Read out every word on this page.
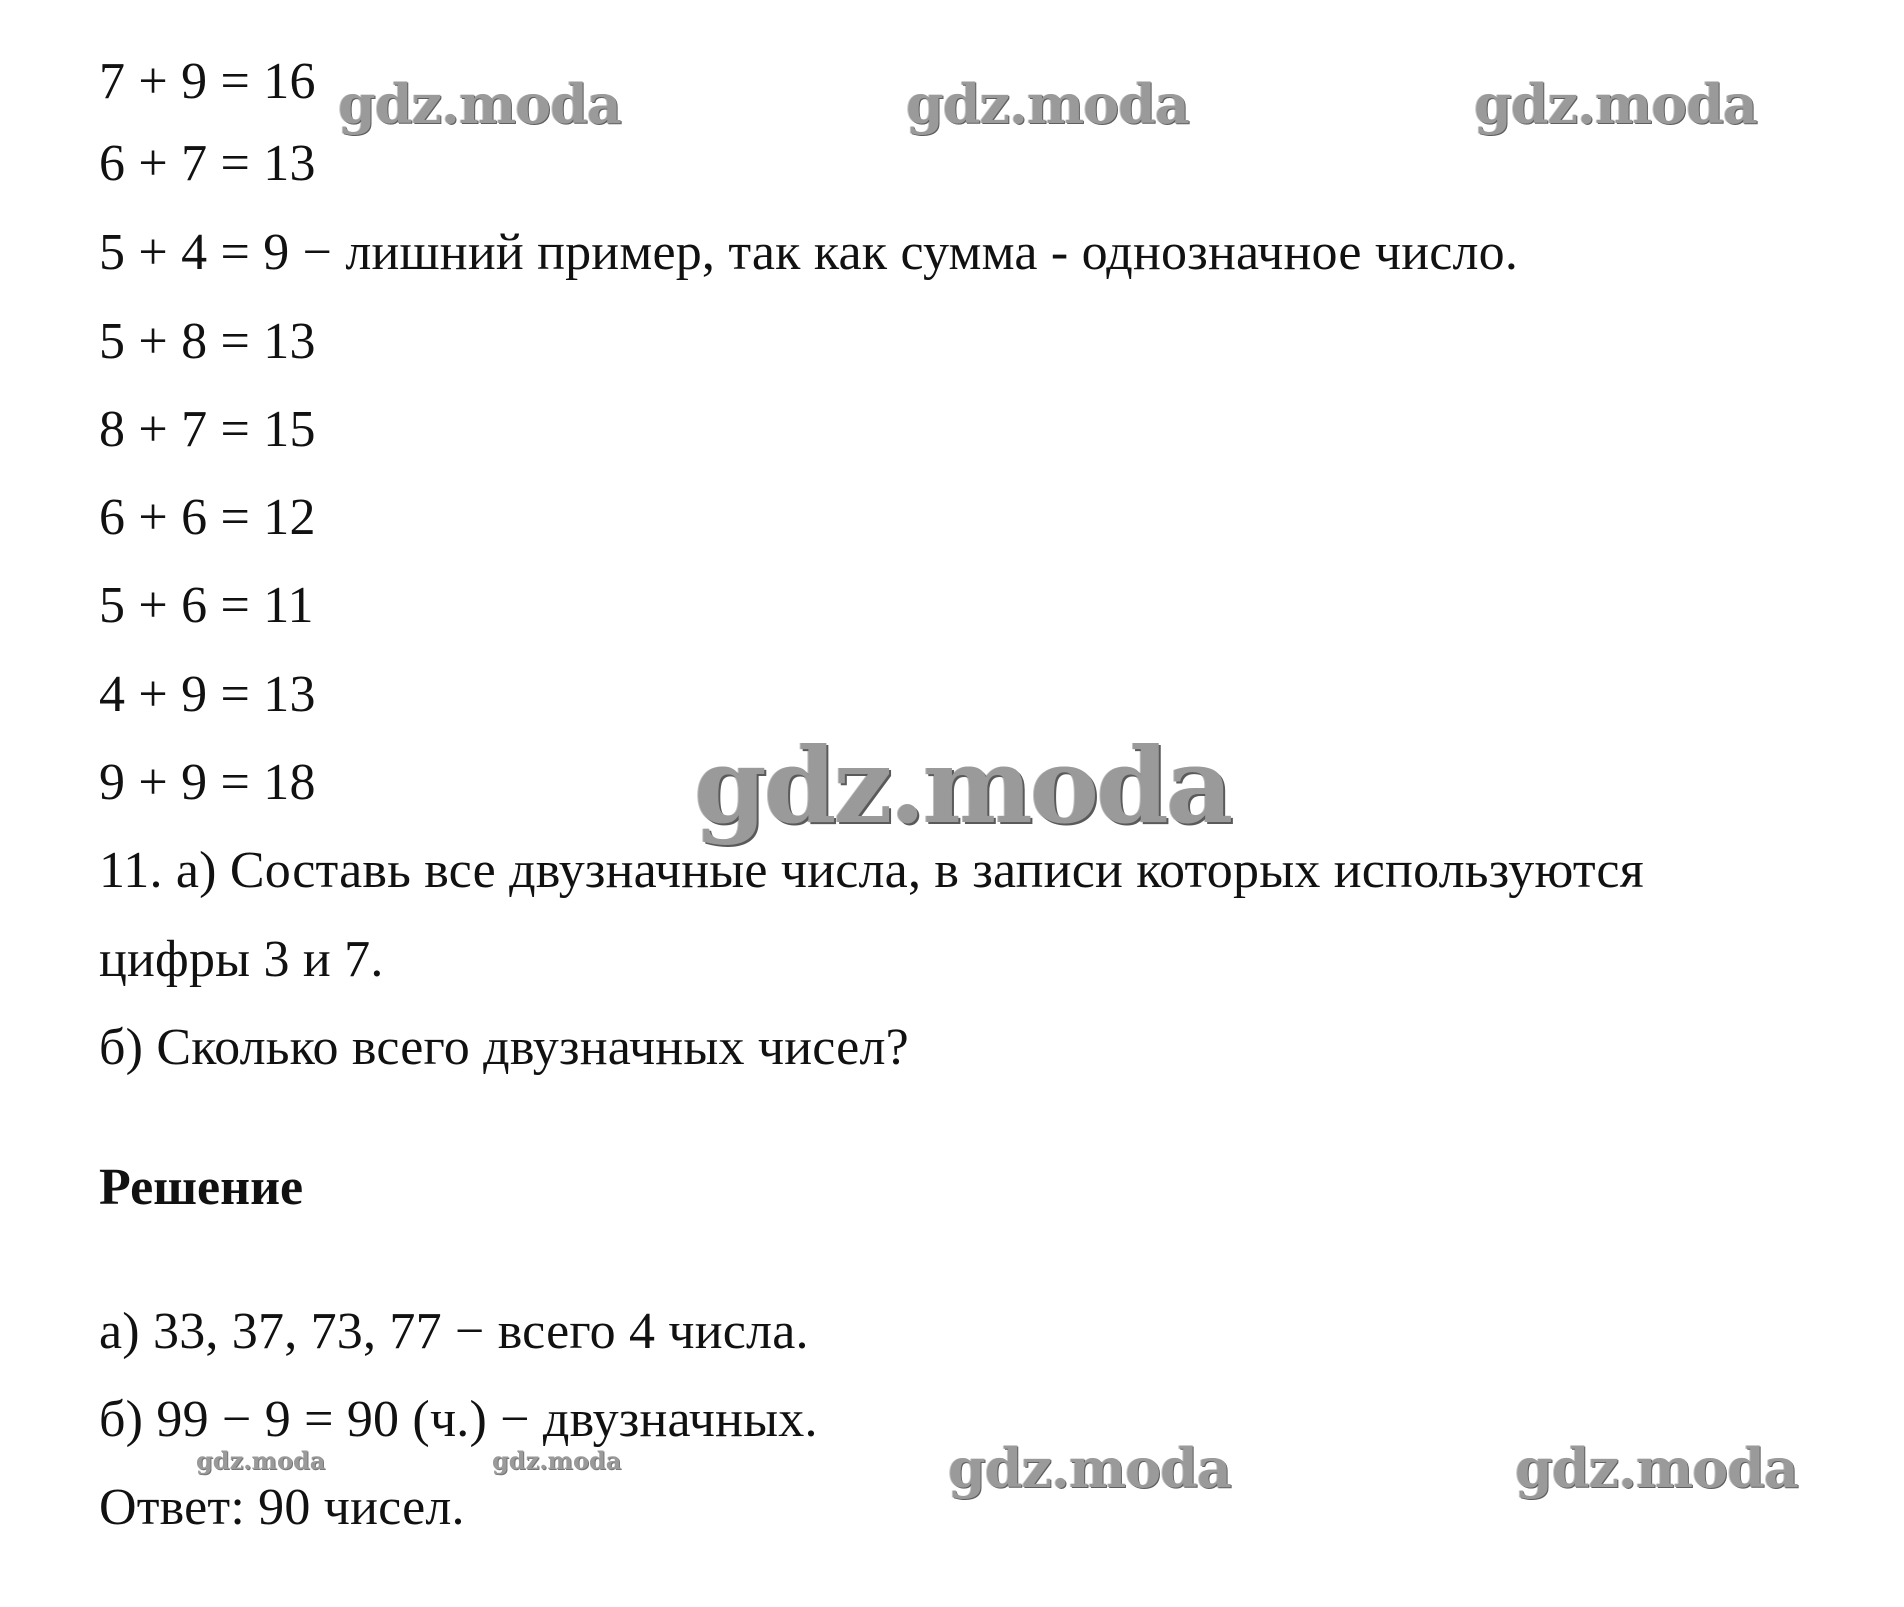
7 + 9 = 16
6 + 7 = 13
5 + 4 = 9 − лишний пример, так как сумма - однозначное число.
5 + 8 = 13
8 + 7 = 15
6 + 6 = 12
5 + 6 = 11
4 + 9 = 13
9 + 9 = 18
11. а) Составь все двузначные числа, в записи которых используются
цифры 3 и 7.
б) Сколько всего двузначных чисел?
Решение
а) 33, 37, 73, 77 − всего 4 числа.
б) 99 − 9 = 90 (ч.) − двузначных.
Ответ: 90 чисел.
gdz.moda	gdz.moda	gdz.moda
gdz.moda
gdz.moda	gdz.moda	gdz.moda	gdz.moda
